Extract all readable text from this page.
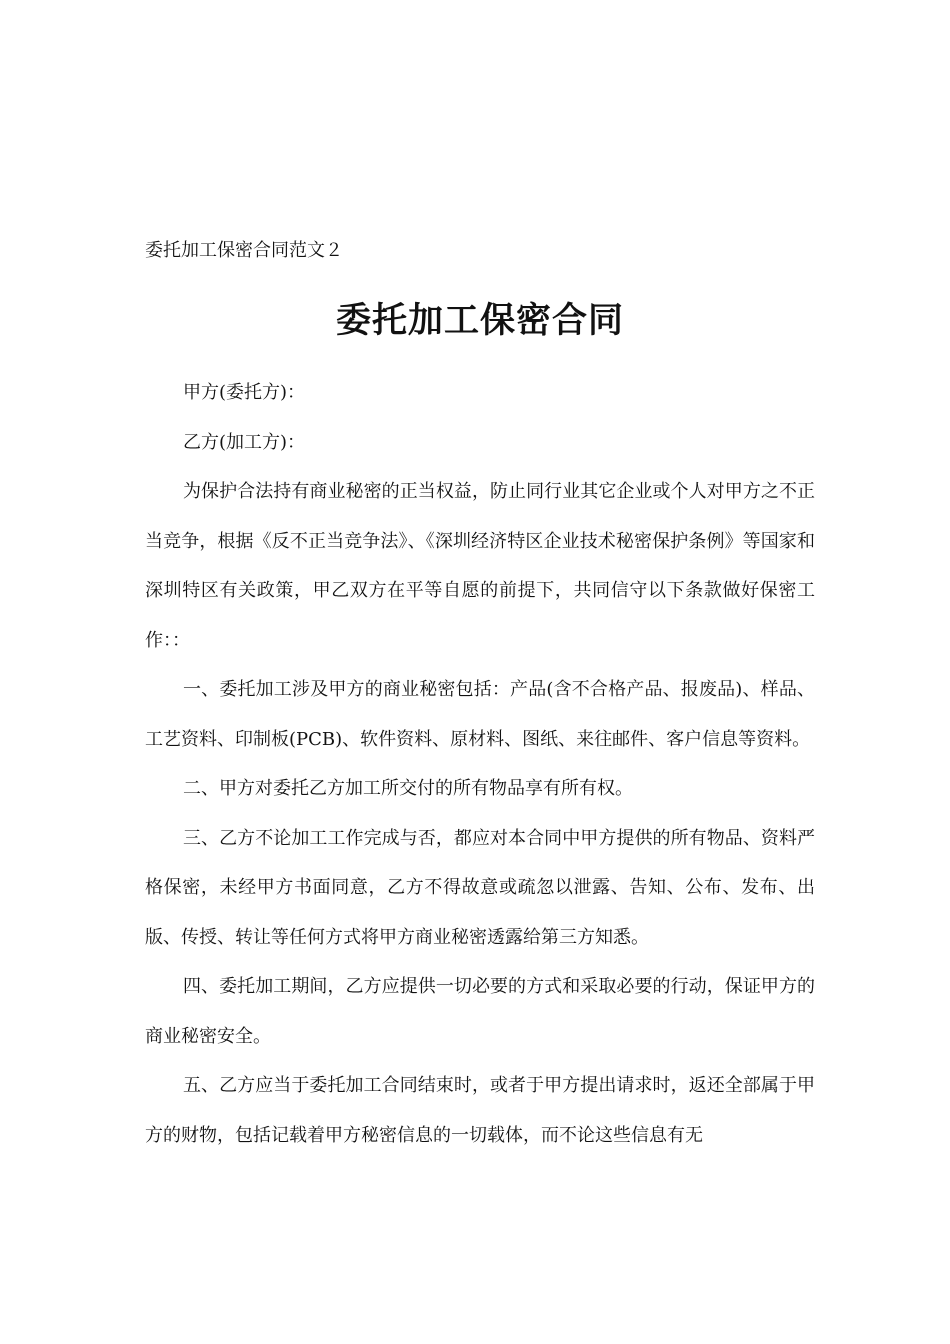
委托加工保密合同范文２

委托加工保密合同

甲方(委托方)：

乙方(加工方)：

为保护合法持有商业秘密的正当权益，防止同行业其它企业或个人对甲方之不正当竞争，根据《反不正当竞争法》、《深圳经济特区企业技术秘密保护条例》等国家和深圳特区有关政策，甲乙双方在平等自愿的前提下，共同信守以下条款做好保密工作：：

一、委托加工涉及甲方的商业秘密包括：产品(含不合格产品、报废品)、样品、工艺资料、印制板(PCB)、软件资料、原材料、图纸、来往邮件、客户信息等资料。

二、甲方对委托乙方加工所交付的所有物品享有所有权。

三、乙方不论加工工作完成与否，都应对本合同中甲方提供的所有物品、资料严格保密，未经甲方书面同意，乙方不得故意或疏忽以泄露、告知、公布、发布、出版、传授、转让等任何方式将甲方商业秘密透露给第三方知悉。

四、委托加工期间，乙方应提供一切必要的方式和采取必要的行动，保证甲方的商业秘密安全。

五、乙方应当于委托加工合同结束时，或者于甲方提出请求时，返还全部属于甲方的财物，包括记载着甲方秘密信息的一切载体，而不论这些信息有无
